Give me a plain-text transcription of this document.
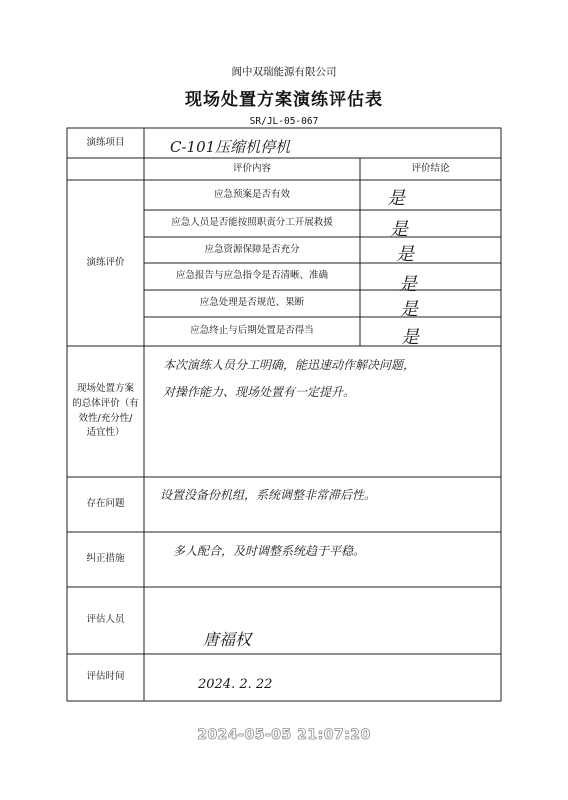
阆中双瑞能源有限公司
现场处置方案演练评估表
SR/JL-05-067
演练项目	C-101压缩机停机
评价内容	评价结论
演练评价
应急预案是否有效	是
应急人员是否能按照职责分工开展救援	是
应急资源保障是否充分	是
应急报告与应急指令是否清晰、准确	是
应急处理是否规范、果断	是
应急终止与后期处置是否得当	是
现场处置方案
的总体评价（有
效性/充分性/
适宜性）
本次演练人员分工明确，能迅速动作解决问题，
对操作能力、现场处置有一定提升。
存在问题
设置没备份机组，系统调整非常滞后性。
纠正措施
多人配合，及时调整系统趋于平稳。
评估人员
唐福权
评估时间
2024. 2. 22
2024-05-05 21:07:20
